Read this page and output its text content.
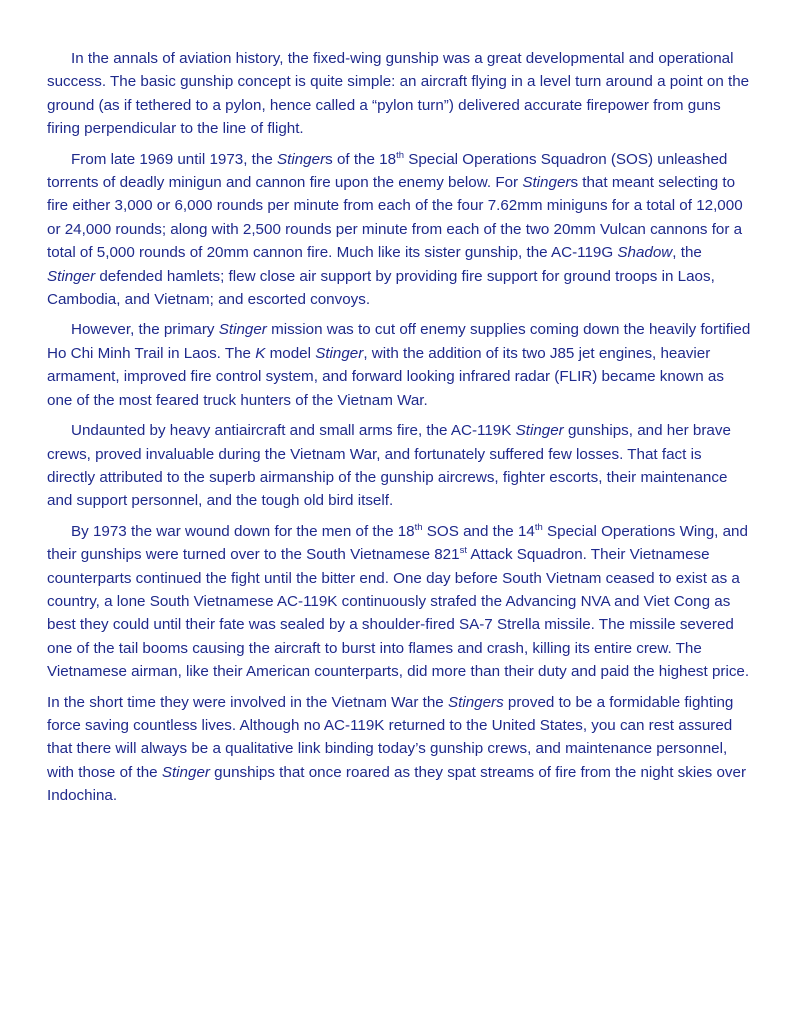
In the annals of aviation history, the fixed-wing gunship was a great developmental and operational success. The basic gunship concept is quite simple: an aircraft flying in a level turn around a point on the ground (as if tethered to a pylon, hence called a “pylon turn”) delivered accurate firepower from guns firing perpendicular to the line of flight.

From late 1969 until 1973, the Stingers of the 18th Special Operations Squadron (SOS) unleashed torrents of deadly minigun and cannon fire upon the enemy below. For Stingers that meant selecting to fire either 3,000 or 6,000 rounds per minute from each of the four 7.62mm miniguns for a total of 12,000 or 24,000 rounds; along with 2,500 rounds per minute from each of the two 20mm Vulcan cannons for a total of 5,000 rounds of 20mm cannon fire. Much like its sister gunship, the AC-119G Shadow, the Stinger defended hamlets; flew close air support by providing fire support for ground troops in Laos, Cambodia, and Vietnam; and escorted convoys.

However, the primary Stinger mission was to cut off enemy supplies coming down the heavily fortified Ho Chi Minh Trail in Laos. The K model Stinger, with the addition of its two J85 jet engines, heavier armament, improved fire control system, and forward looking infrared radar (FLIR) became known as one of the most feared truck hunters of the Vietnam War.

Undaunted by heavy antiaircraft and small arms fire, the AC-119K Stinger gunships, and her brave crews, proved invaluable during the Vietnam War, and fortunately suffered few losses. That fact is directly attributed to the superb airmanship of the gunship aircrews, fighter escorts, their maintenance and support personnel, and the tough old bird itself.

By 1973 the war wound down for the men of the 18th SOS and the 14th Special Operations Wing, and their gunships were turned over to the South Vietnamese 821st Attack Squadron. Their Vietnamese counterparts continued the fight until the bitter end. One day before South Vietnam ceased to exist as a country, a lone South Vietnamese AC-119K continuously strafed the Advancing NVA and Viet Cong as best they could until their fate was sealed by a shoulder-fired SA-7 Strella missile. The missile severed one of the tail booms causing the aircraft to burst into flames and crash, killing its entire crew. The Vietnamese airman, like their American counterparts, did more than their duty and paid the highest price.

In the short time they were involved in the Vietnam War the Stingers proved to be a formidable fighting force saving countless lives. Although no AC-119K returned to the United States, you can rest assured that there will always be a qualitative link binding today’s gunship crews, and maintenance personnel, with those of the Stinger gunships that once roared as they spat streams of fire from the night skies over Indochina.
